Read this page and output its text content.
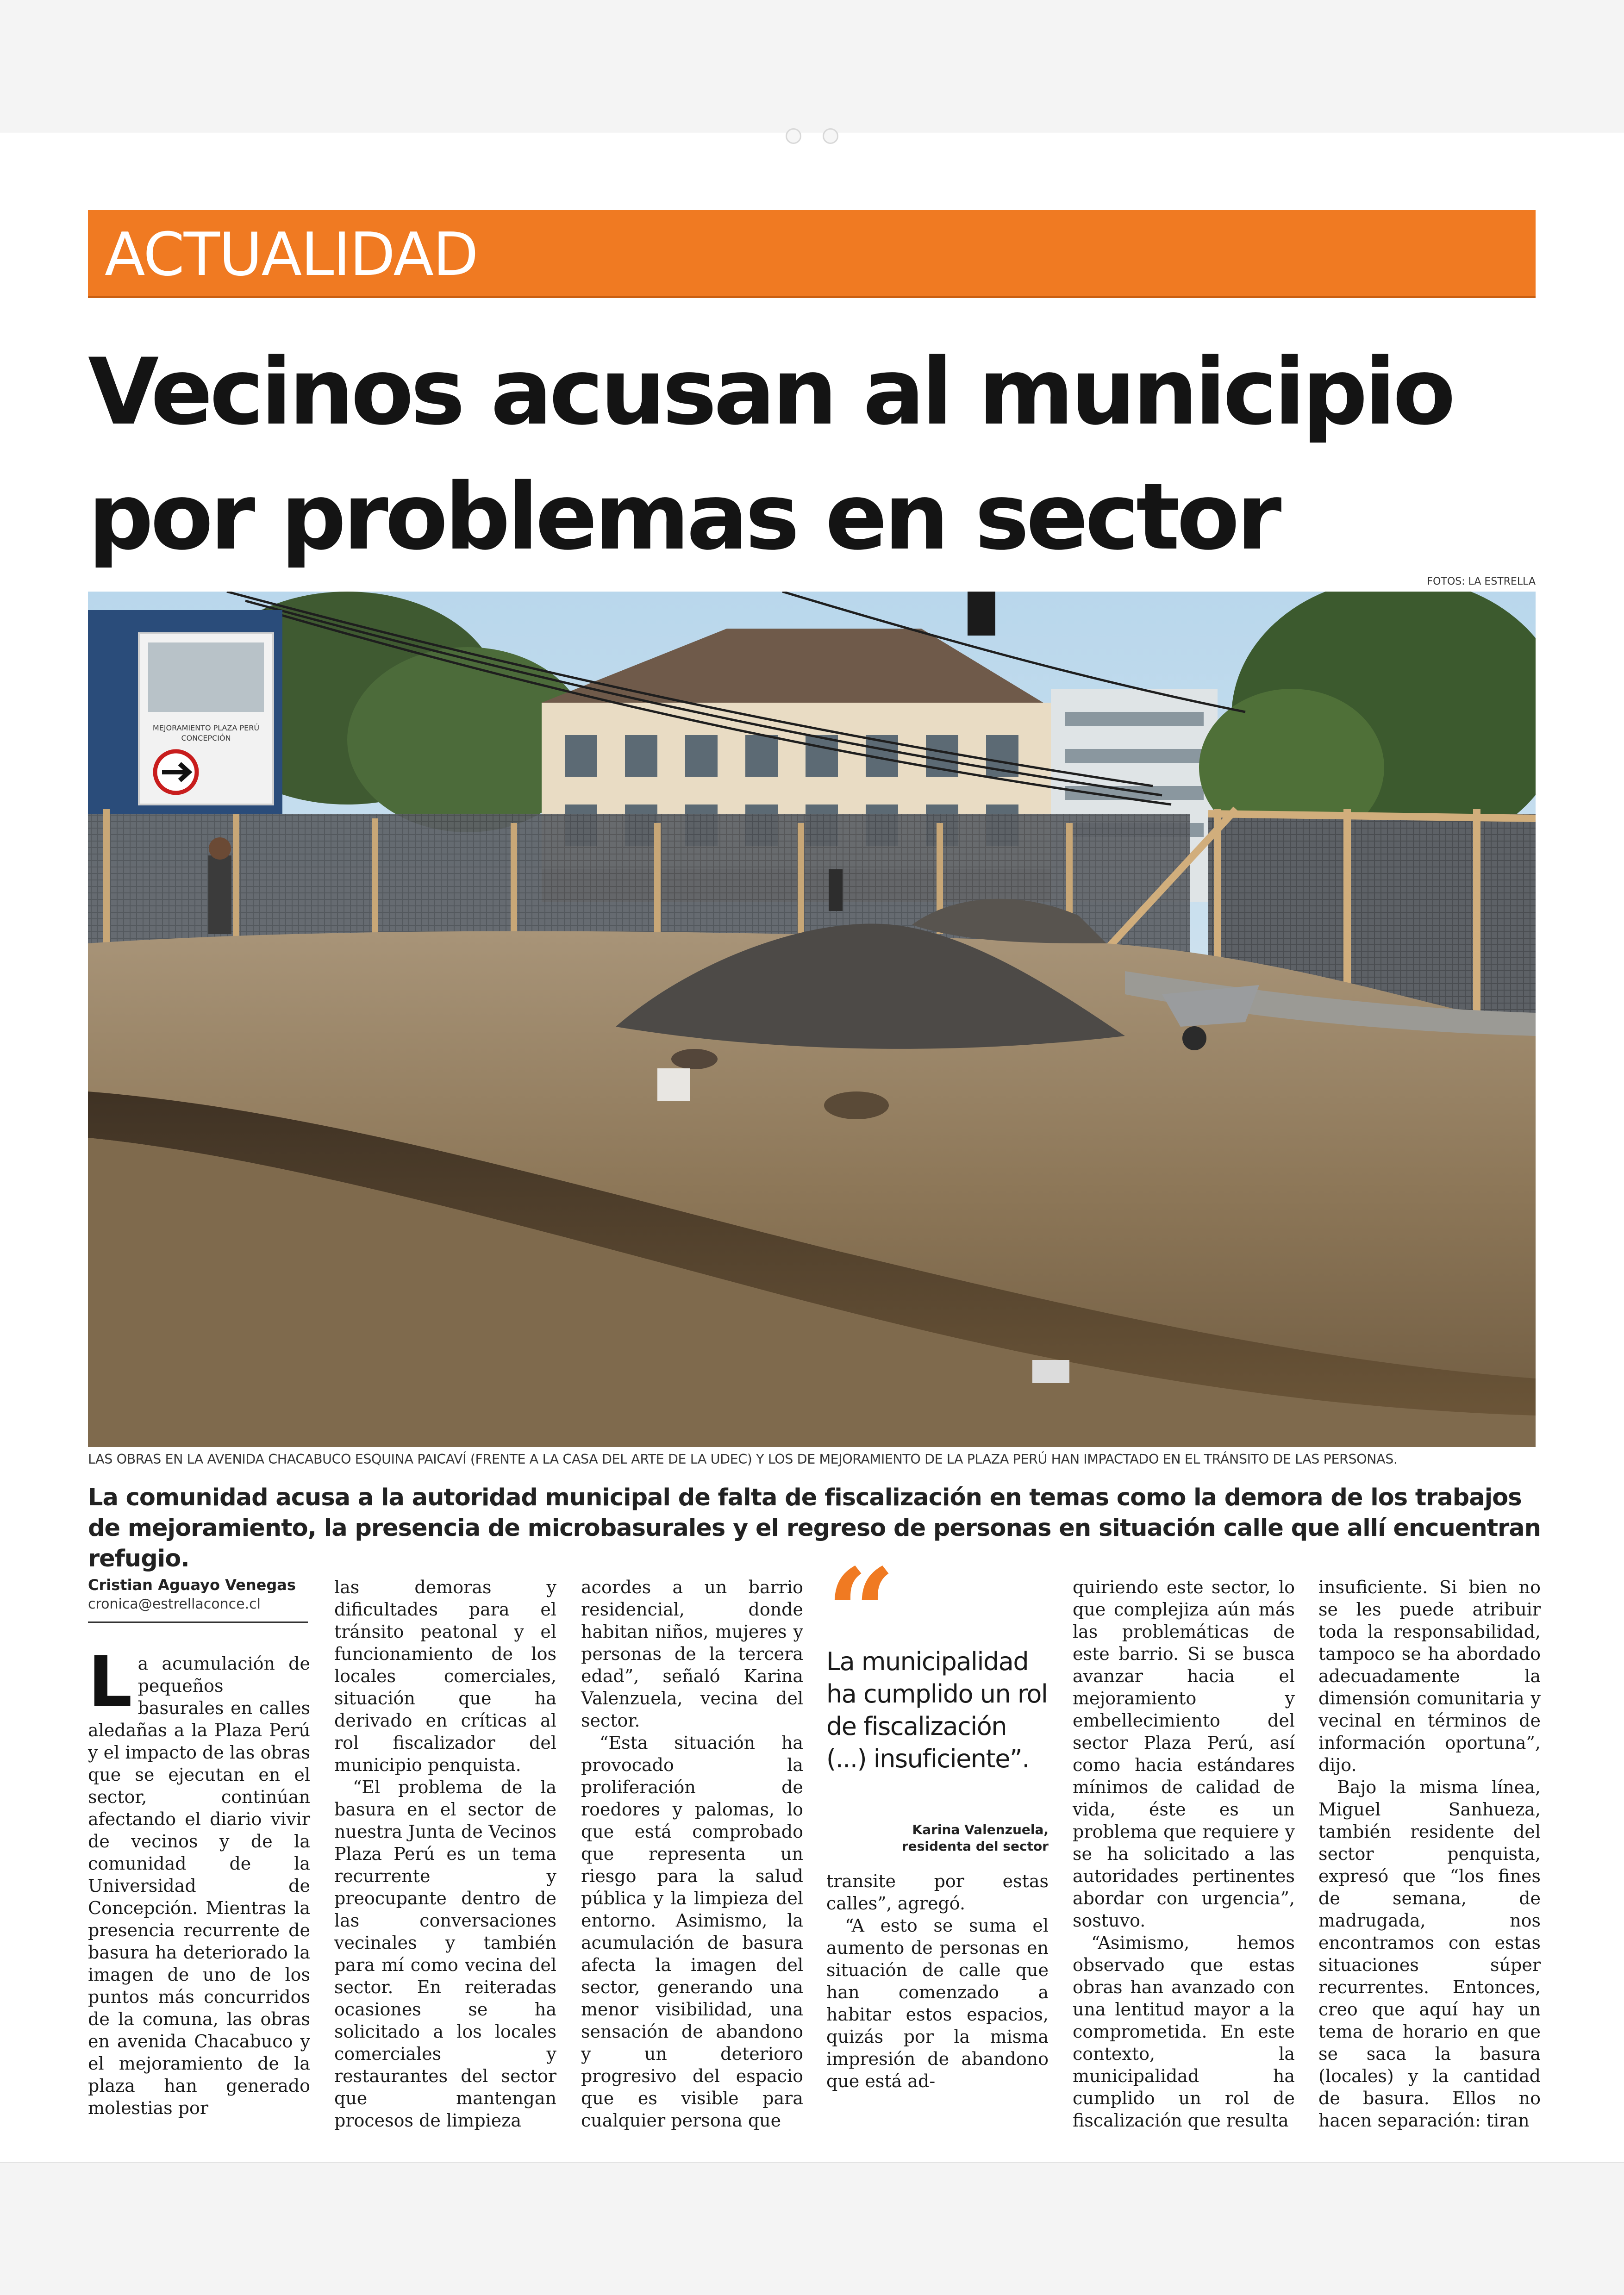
ACTUALIDAD
Vecinos acusan al municipio por problemas en sector
FOTOS: LA ESTRELLA
MEJORAMIENTO PLAZA PERÚ
CONCEPCIÓN
LAS OBRAS EN LA AVENIDA CHACABUCO ESQUINA PAICAVÍ (FRENTE A LA CASA DEL ARTE DE LA UDEC) Y LOS DE MEJORAMIENTO DE LA PLAZA PERÚ HAN IMPACTADO EN EL TRÁNSITO DE LAS PERSONAS.

La comunidad acusa a la autoridad municipal de falta de fiscalización en temas como la demora de los trabajos de mejoramiento, la presencia de microbasurales y el regreso de personas en situación calle que allí encuentran refugio.

Cristian Aguayo Venegas
cronica@estrellaconce.cl

La acumulación de pequeños basurales en calles aledañas a la Plaza Perú y el impacto de las obras que se ejecutan en el sector, continúan afectando el diario vivir de vecinos y de la comunidad de la Universidad de Concepción. Mientras la presencia recurrente de basura ha deteriorado la imagen de uno de los puntos más concurridos de la comuna, las obras en avenida Chacabuco y el mejoramiento de la plaza han generado molestias por

las demoras y dificultades para el tránsito peatonal y el funcionamiento de los locales comerciales, situación que ha derivado en críticas al rol fiscalizador del municipio penquista.

“El problema de la basura en el sector de nuestra Junta de Vecinos Plaza Perú es un tema recurrente y preocupante dentro de las conversaciones vecinales y también para mí como vecina del sector. En reiteradas ocasiones se ha solicitado a los locales comerciales y restaurantes del sector que mantengan procesos de limpieza

acordes a un barrio residencial, donde habitan niños, mujeres y personas de la tercera edad”, señaló Karina Valenzuela, vecina del sector.

“Esta situación ha provocado la proliferación de roedores y palomas, lo que está comprobado que representa un riesgo para la salud pública y la limpieza del entorno. Asimismo, la acumulación de basura afecta la imagen del sector, generando una menor visibilidad, una sensación de abandono y un deterioro progresivo del espacio que es visible para cualquier persona que

“
La municipalidad ha cumplido un rol de fiscalización (...) insuficiente”.
Karina Valenzuela,
residenta del sector

transite por estas calles”, agregó.

“A esto se suma el aumento de personas en situación de calle que han comenzado a habitar estos espacios, quizás por la misma impresión de abandono que está ad-

quiriendo este sector, lo que complejiza aún más las problemáticas de este barrio. Si se busca avanzar hacia el mejoramiento y embellecimiento del sector Plaza Perú, así como hacia estándares mínimos de calidad de vida, éste es un problema que requiere y se ha solicitado a las autoridades pertinentes abordar con urgencia”, sostuvo.

“Asimismo, hemos observado que estas obras han avanzado con una lentitud mayor a la comprometida. En este contexto, la municipalidad ha cumplido un rol de fiscalización que resulta

insuficiente. Si bien no se les puede atribuir toda la responsabilidad, tampoco se ha abordado adecuadamente la dimensión comunitaria y vecinal en términos de información oportuna”, dijo.

Bajo la misma línea, Miguel Sanhueza, también residente del sector penquista, expresó que “los fines de semana, de madrugada, nos encontramos con estas situaciones súper recurrentes. Entonces, creo que aquí hay un tema de horario en que se saca la basura (locales) y la cantidad de basura. Ellos no hacen separación: tiran
